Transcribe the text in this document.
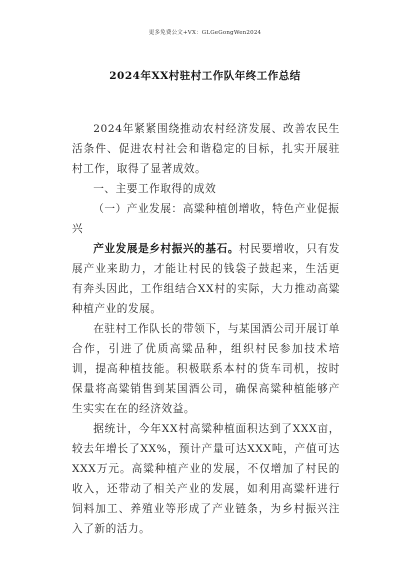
更多免费公文+VX：GLGeGongWen2024
2024年XX村驻村工作队年终工作总结

2024年紧紧围绕推动农村经济发展、改善农民生活条件、促进农村社会和谐稳定的目标，扎实开展驻村工作，取得了显著成效。

一、主要工作取得的成效

（一）产业发展：高粱种植创增收，特色产业促振兴

产业发展是乡村振兴的基石。村民要增收，只有发展产业来助力，才能让村民的钱袋子鼓起来，生活更有奔头因此，工作组结合XX村的实际，大力推动高粱种植产业的发展。

在驻村工作队长的带领下，与某国酒公司开展订单合作，引进了优质高粱品种，组织村民参加技术培训，提高种植技能。积极联系本村的货车司机，按时保量将高粱销售到某国酒公司，确保高粱种植能够产生实实在在的经济效益。

据统计，今年XX村高粱种植面积达到了XXX亩，较去年增长了XX%，预计产量可达XXX吨，产值可达XXX万元。高粱种植产业的发展，不仅增加了村民的收入，还带动了相关产业的发展，如利用高粱杆进行饲料加工、养殖业等形成了产业链条，为乡村振兴注入了新的活力。
